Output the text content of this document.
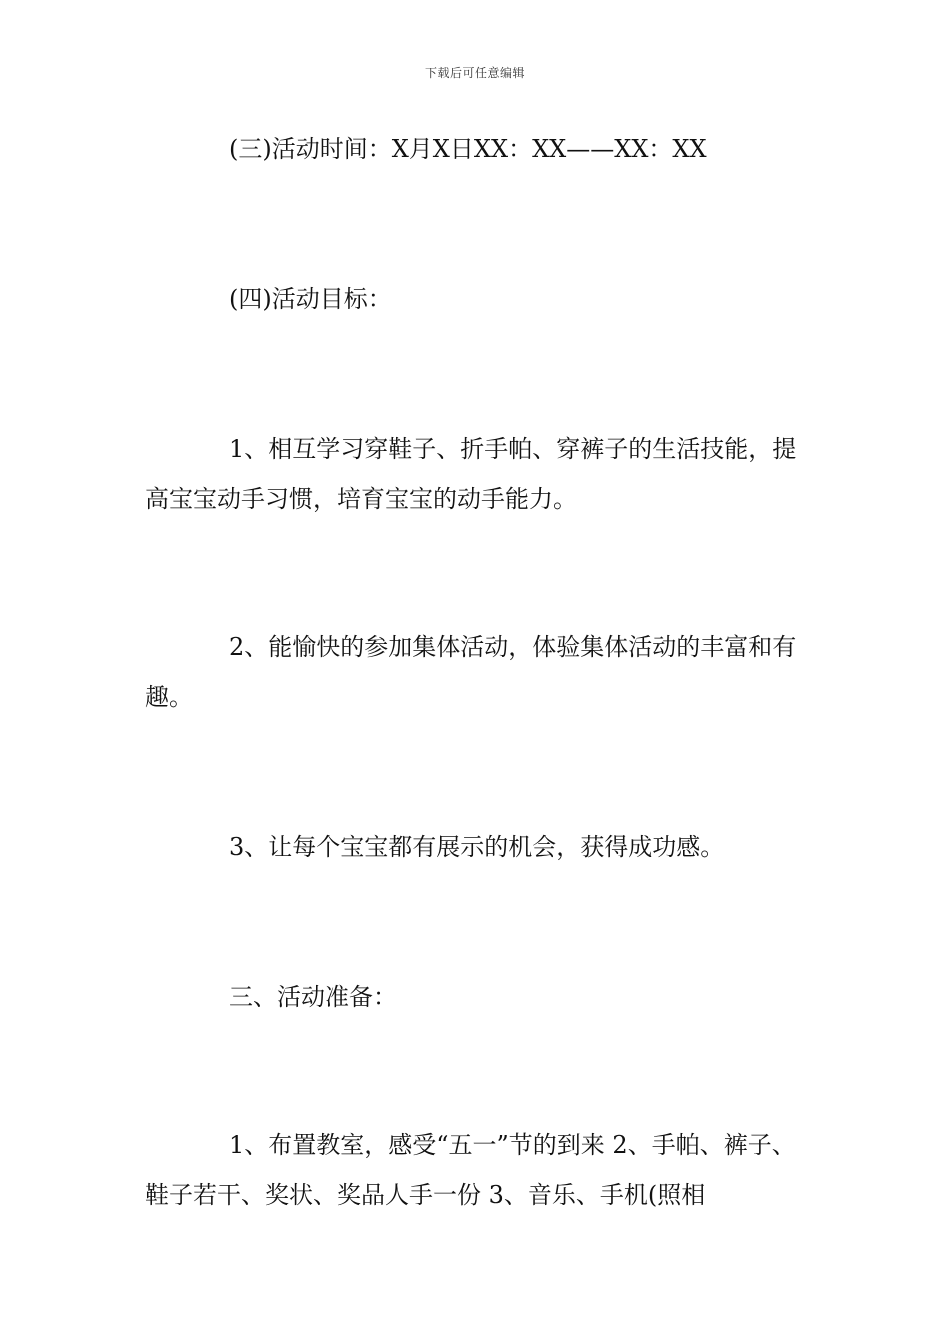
下载后可任意编辑

(三)活动时间：X月X日XX：XX——XX：XX

(四)活动目标：

1、相互学习穿鞋子、折手帕、穿裤子的生活技能，提高宝宝动手习惯，培育宝宝的动手能力。

2、能愉快的参加集体活动，体验集体活动的丰富和有趣。

3、让每个宝宝都有展示的机会，获得成功感。

三、活动准备：

1、布置教室，感受“五一”节的到来 2、手帕、裤子、鞋子若干、奖状、奖品人手一份 3、音乐、手机(照相
